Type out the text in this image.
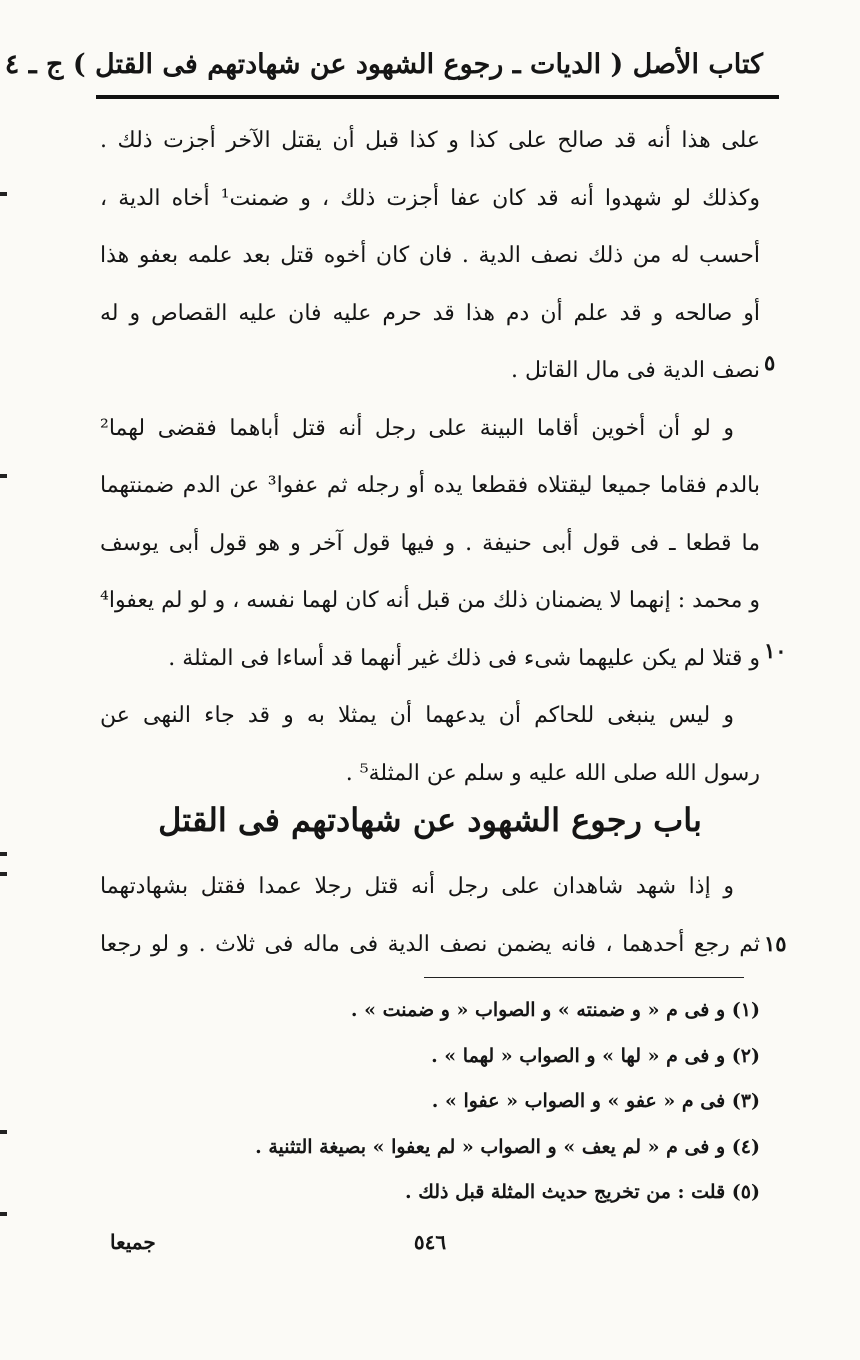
كتاب الأصل ( الديات ـ رجوع الشهود عن شهادتهم فى القتل ) ج ـ ٤
على هذا أنه قد صالح على كذا و كذا قبل أن يقتل الآخر أجزت ذلك .
وكذلك لو شهدوا أنه قد كان عفا أجزت ذلك ، و ضمنت¹ أخاه الدية ،
أحسب له من ذلك نصف الدية . فان كان أخوه قتل بعد علمه بعفو هذا
أو صالحه و قد علم أن دم هذا قد حرم عليه فان عليه القصاص و له
نصف الدية فى مال القاتل .
و لو أن أخوين أقاما البينة على رجل أنه قتل أباهما فقضى لهما²
بالدم فقاما جميعا ليقتلاه فقطعا يده أو رجله ثم عفوا³ عن الدم ضمنتهما
ما قطعا ـ فى قول أبى حنيفة . و فيها قول آخر و هو قول أبى يوسف
و محمد : إنهما لا يضمنان ذلك من قبل أنه كان لهما نفسه ، و لو لم يعفوا⁴
و قتلا لم يكن عليهما شىء فى ذلك غير أنهما قد أساءا فى المثلة .
و ليس ينبغى للحاكم أن يدعهما أن يمثلا به و قد جاء النهى عن
رسول الله صلى الله عليه و سلم عن المثلة⁵ .
٥
١٠
١٥
باب رجوع الشهود عن شهادتهم فى القتل
و إذا شهد شاهدان على رجل أنه قتل رجلا عمدا فقتل بشهادتهما
ثم رجع أحدهما ، فانه يضمن نصف الدية فى ماله فى ثلاث . و لو رجعا
(١) و فى م « و ضمنته » و الصواب « و ضمنت » .
(٢) و فى م « لها » و الصواب « لهما » .
(٣) فى م « عفو » و الصواب « عفوا » .
(٤) و فى م « لم يعف » و الصواب « لم يعفوا » بصيغة التثنية .
(٥) قلت : من تخريج حديث المثلة قبل ذلك .
٥٤٦
جميعا
